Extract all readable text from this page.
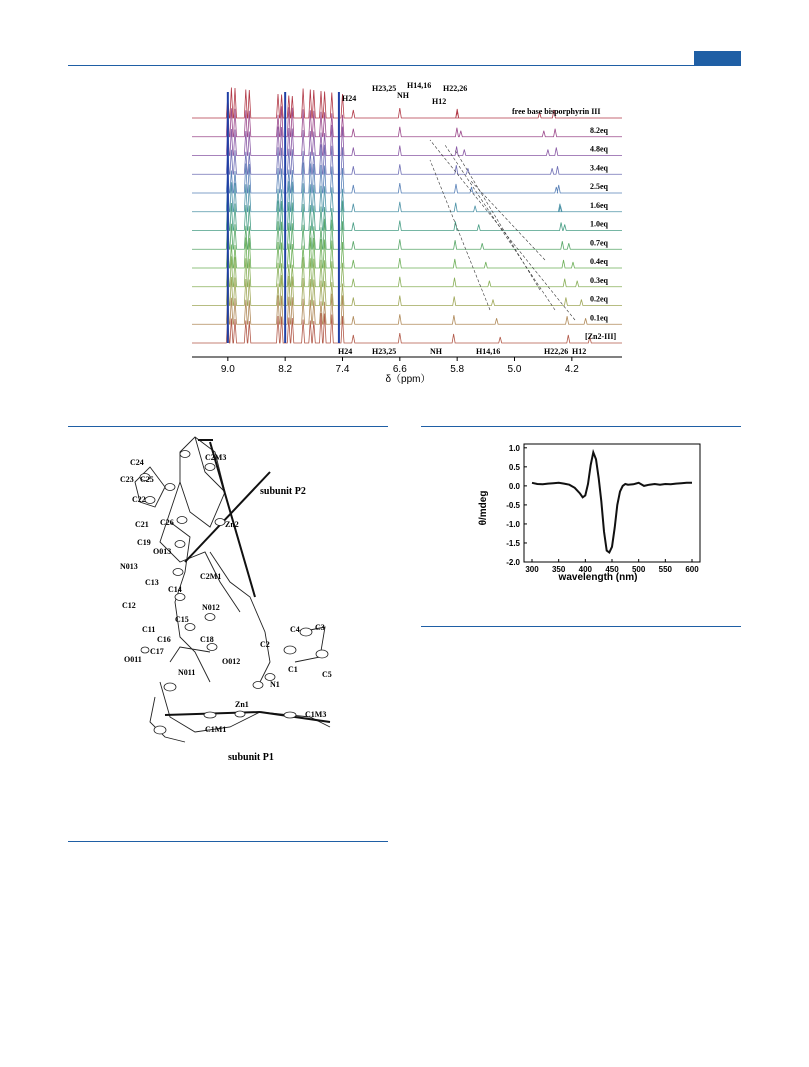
9.0	8.2	7.4	6.6	5.8	5.0	4.2
δ（ppm）
H24
H23,25
NH
H14,16
H12
H22,26
H24 H23,25	NH	H14,16	H22,26 H12
free base bisporphyrin III
8.2eq
4.8eq
3.4eq
2.5eq
1.6eq
1.0eq
0.7eq
0.4eq
0.3eq
0.2eq
0.1eq
[Zn2-III]
subunit P2
subunit P1
C2M3
C24
C23 C25
C22
C21 C26	Zn2
C19
O013
N013
C2M1
C13
C14
C12	N012
C15
C11
C16	C18
C2
C4 C3
O011
C17
O012
C1
C5
N011
N1
Zn1
C1M3
C1M1
300 350 400 450 500 550 600
1.0
0.5
0.0
-0.5
-1.0
-1.5
-2.0
wavelength (nm)
θ/mdeg
